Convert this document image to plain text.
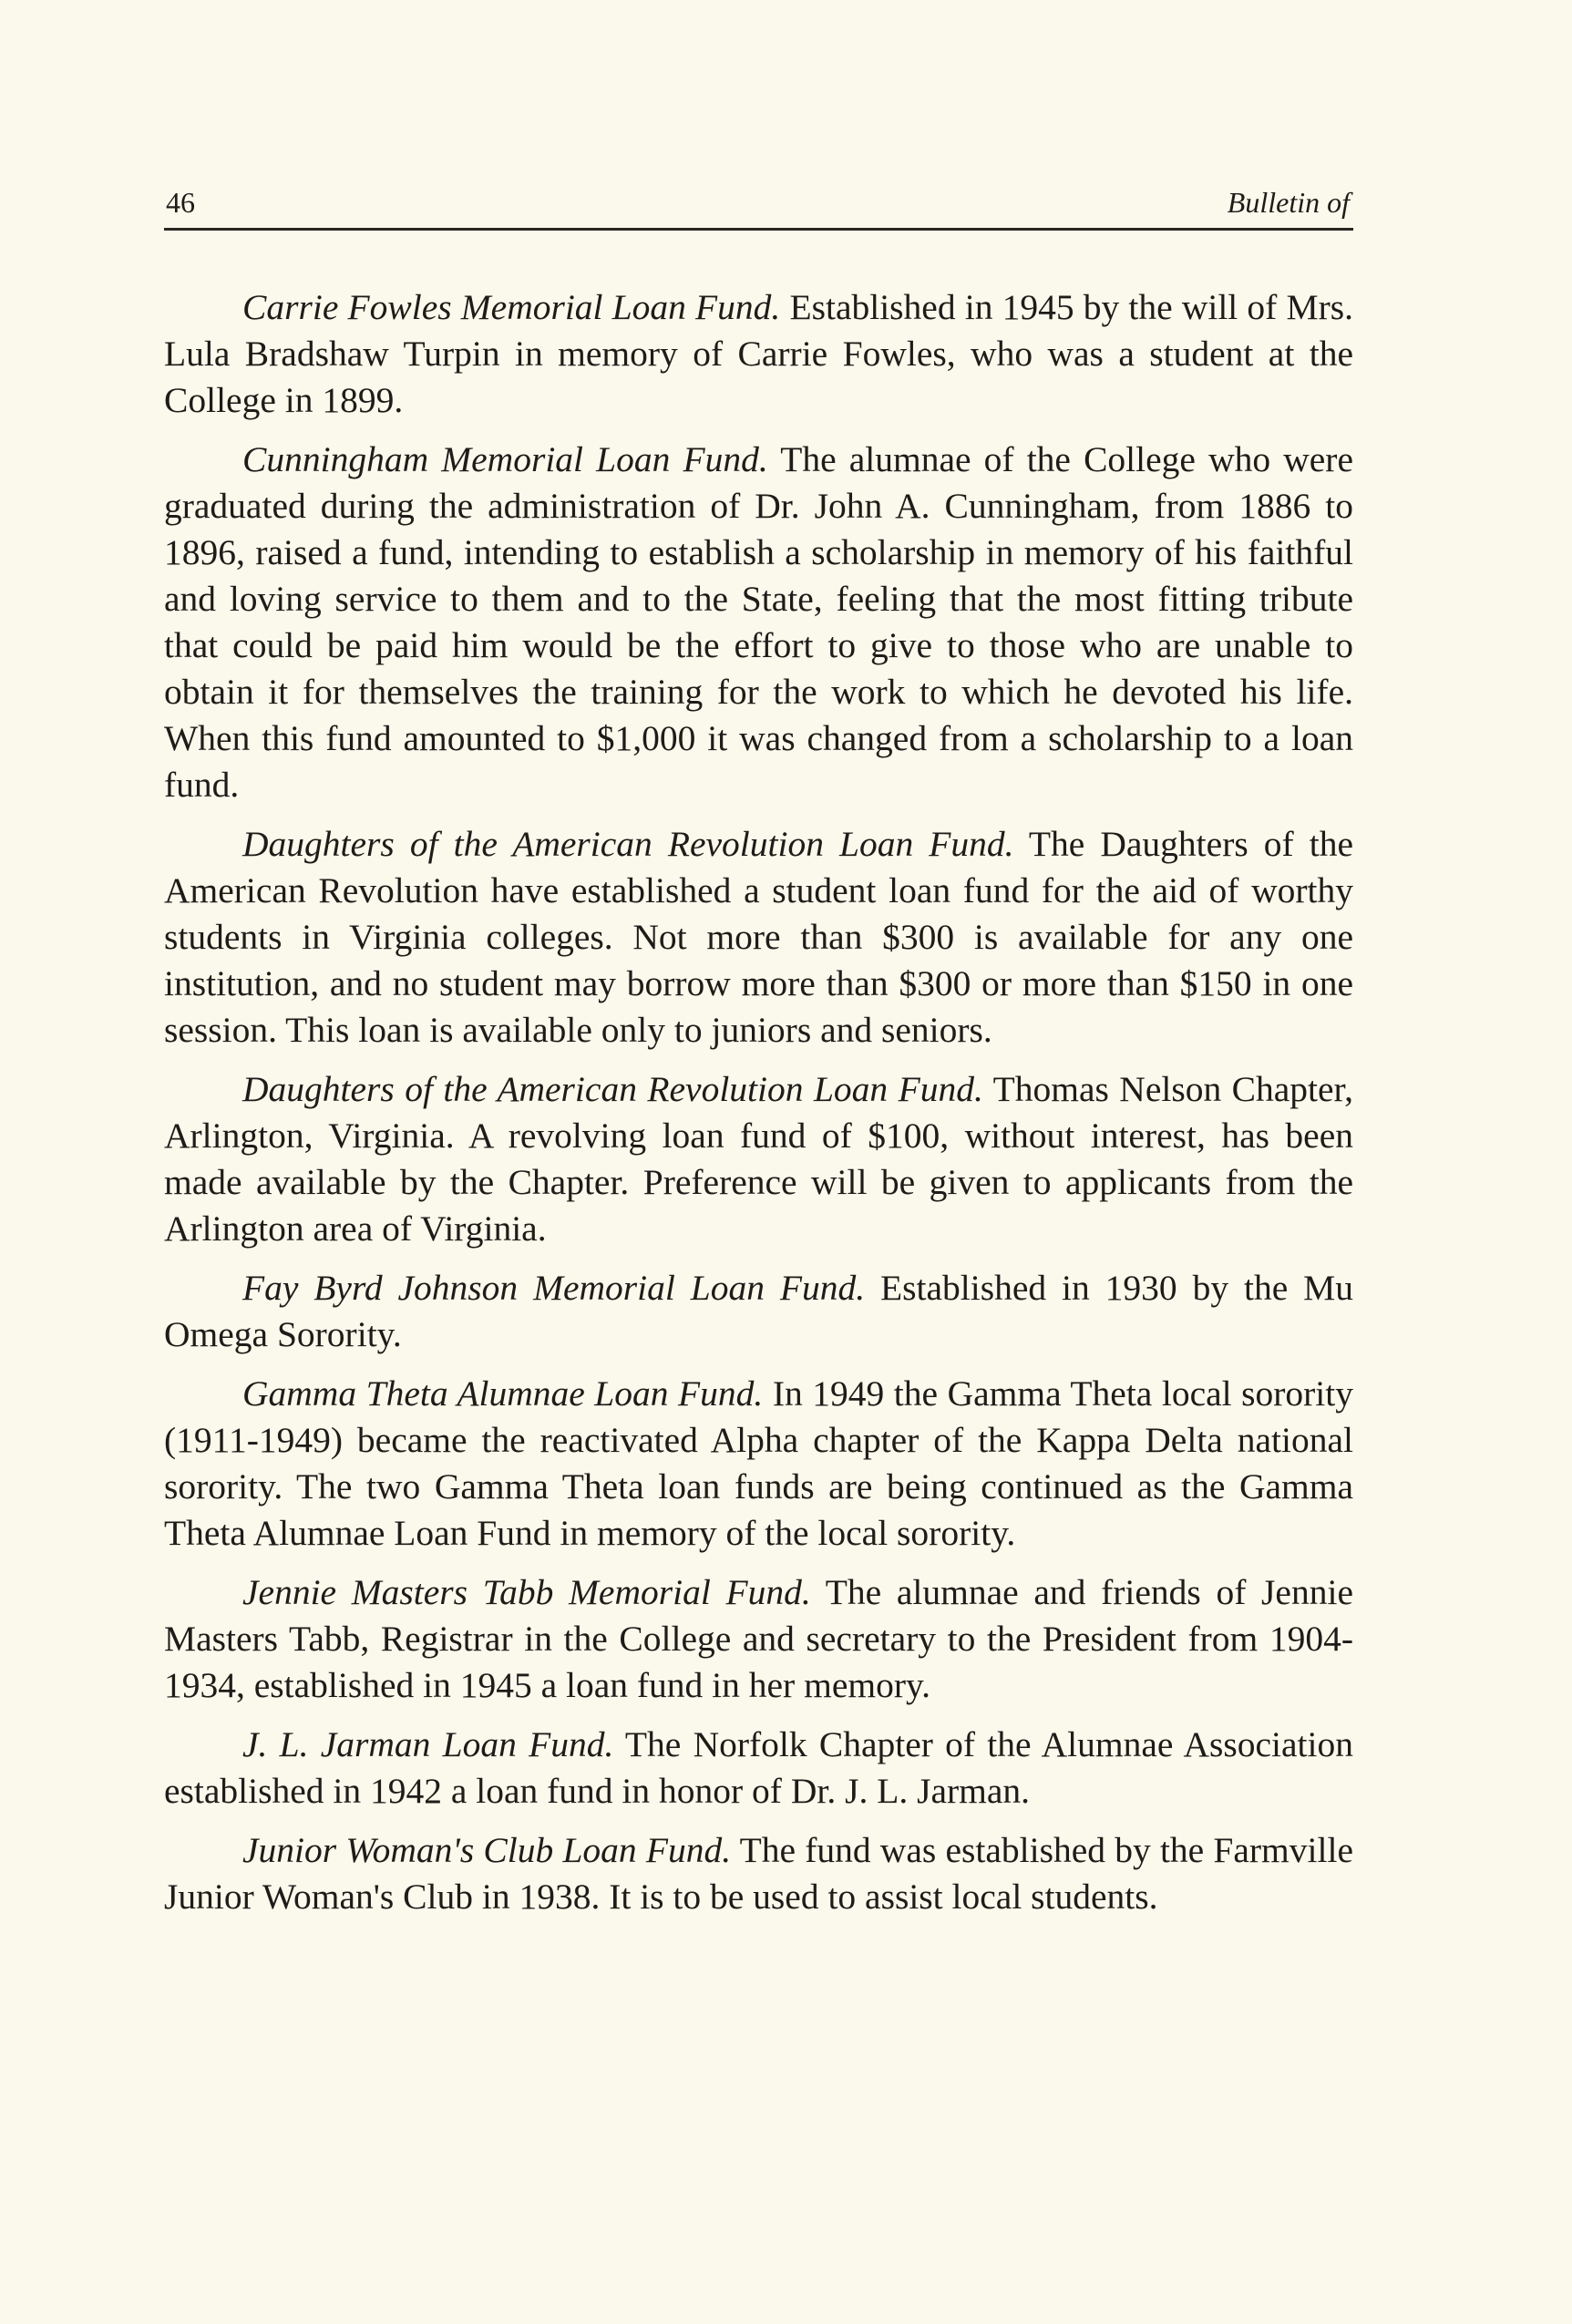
46	Bulletin of

Carrie Fowles Memorial Loan Fund. Established in 1945 by the will of Mrs. Lula Bradshaw Turpin in memory of Carrie Fowles, who was a student at the College in 1899.

Cunningham Memorial Loan Fund. The alumnae of the College who were graduated during the administration of Dr. John A. Cunningham, from 1886 to 1896, raised a fund, intending to establish a scholarship in memory of his faithful and loving service to them and to the State, feeling that the most fitting tribute that could be paid him would be the effort to give to those who are unable to obtain it for themselves the training for the work to which he devoted his life. When this fund amounted to $1,000 it was changed from a scholarship to a loan fund.

Daughters of the American Revolution Loan Fund. The Daughters of the American Revolution have established a student loan fund for the aid of worthy students in Virginia colleges. Not more than $300 is available for any one institution, and no student may borrow more than $300 or more than $150 in one session. This loan is available only to juniors and seniors.

Daughters of the American Revolution Loan Fund. Thomas Nelson Chapter, Arlington, Virginia. A revolving loan fund of $100, without interest, has been made available by the Chapter. Preference will be given to applicants from the Arlington area of Virginia.

Fay Byrd Johnson Memorial Loan Fund. Established in 1930 by the Mu Omega Sorority.

Gamma Theta Alumnae Loan Fund. In 1949 the Gamma Theta local sorority (1911-1949) became the reactivated Alpha chapter of the Kappa Delta national sorority. The two Gamma Theta loan funds are being continued as the Gamma Theta Alumnae Loan Fund in memory of the local sorority.

Jennie Masters Tabb Memorial Fund. The alumnae and friends of Jennie Masters Tabb, Registrar in the College and secretary to the President from 1904-1934, established in 1945 a loan fund in her memory.

J. L. Jarman Loan Fund. The Norfolk Chapter of the Alumnae Association established in 1942 a loan fund in honor of Dr. J. L. Jarman.

Junior Woman's Club Loan Fund. The fund was established by the Farmville Junior Woman's Club in 1938. It is to be used to assist local students.
